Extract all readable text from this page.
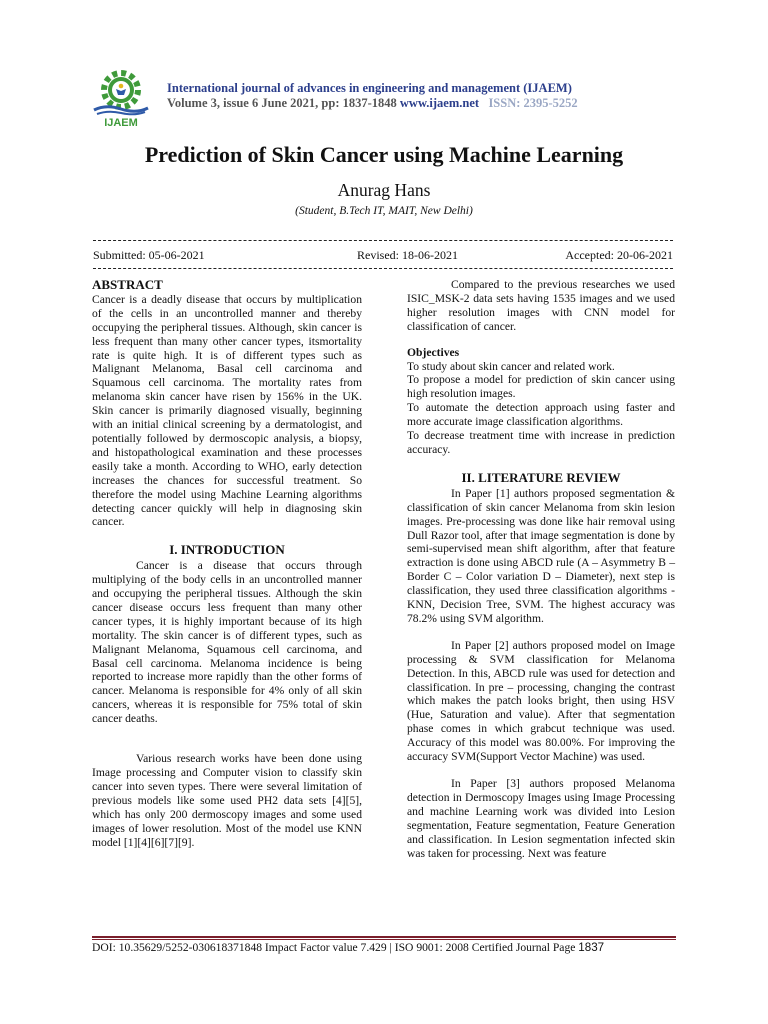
IJAEM
International journal of advances in engineering and management (IJAEM)
Volume 3, issue 6 June 2021, pp: 1837-1848 www.ijaem.net ISSN: 2395-5252
Prediction of Skin Cancer using Machine Learning
Anurag Hans
(Student, B.Tech IT, MAIT, New Delhi)
Submitted: 05-06-2021	Revised: 18-06-2021	Accepted: 20-06-2021
ABSTRACT

Cancer is a deadly disease that occurs by multiplication of the cells in an uncontrolled manner and thereby occupying the peripheral tissues. Although, skin cancer is less frequent than many other cancer types, itsmortality rate is quite high. It is of different types such as Malignant Melanoma, Basal cell carcinoma and Squamous cell carcinoma. The mortality rates from melanoma skin cancer have risen by 156% in the UK. Skin cancer is primarily diagnosed visually, beginning with an initial clinical screening by a dermatologist, and potentially followed by dermoscopic analysis, a biopsy, and histopathological examination and these processes easily take a month. According to WHO, early detection increases the chances for successful treatment. So therefore the model using Machine Learning algorithms detecting cancer quickly will help in diagnosing skin cancer.

I. INTRODUCTION

Cancer is a disease that occurs through multiplying of the body cells in an uncontrolled manner and occupying the peripheral tissues. Although the skin cancer disease occurs less frequent than many other cancer types, it is highly important because of its high mortality. The skin cancer is of different types, such as Malignant Melanoma, Squamous cell carcinoma, and Basal cell carcinoma. Melanoma incidence is being reported to increase more rapidly than the other forms of cancer. Melanoma is responsible for 4% only of all skin cancers, whereas it is responsible for 75% total of skin cancer deaths.

Various research works have been done using Image processing and Computer vision to classify skin cancer into seven types. There were several limitation of previous models like some used PH2 data sets [4][5], which has only 200 dermoscopy images and some used images of lower resolution. Most of the model use KNN model [1][4][6][7][9].

Compared to the previous researches we used ISIC_MSK-2 data sets having 1535 images and we used higher resolution images with CNN model for classification of cancer.

Objectives

To study about skin cancer and related work.

To propose a model for prediction of skin cancer using high resolution images.

To automate the detection approach using faster and more accurate image classification algorithms.

To decrease treatment time with increase in prediction accuracy.

II. LITERATURE REVIEW

In Paper [1] authors proposed segmentation & classification of skin cancer Melanoma from skin lesion images. Pre-processing was done like hair removal using Dull Razor tool, after that image segmentation is done by semi-supervised mean shift algorithm, after that feature extraction is done using ABCD rule (A – Asymmetry B – Border C – Color variation D – Diameter), next step is classification, they used three classification algorithms - KNN, Decision Tree, SVM. The highest accuracy was 78.2% using SVM algorithm.

In Paper [2] authors proposed model on Image processing & SVM classification for Melanoma Detection. In this, ABCD rule was used for detection and classification. In pre – processing, changing the contrast which makes the patch looks bright, then using HSV (Hue, Saturation and value). After that segmentation phase comes in which grabcut technique was used. Accuracy of this model was 80.00%. For improving the accuracy SVM(Support Vector Machine) was used.

In Paper [3] authors proposed Melanoma detection in Dermoscopy Images using Image Processing and machine Learning work was divided into Lesion segmentation, Feature segmentation, Feature Generation and classification. In Lesion segmentation infected skin was taken for processing. Next was feature

DOI: 10.35629/5252-030618371848 Impact Factor value 7.429 | ISO 9001: 2008 Certified Journal Page 1837
